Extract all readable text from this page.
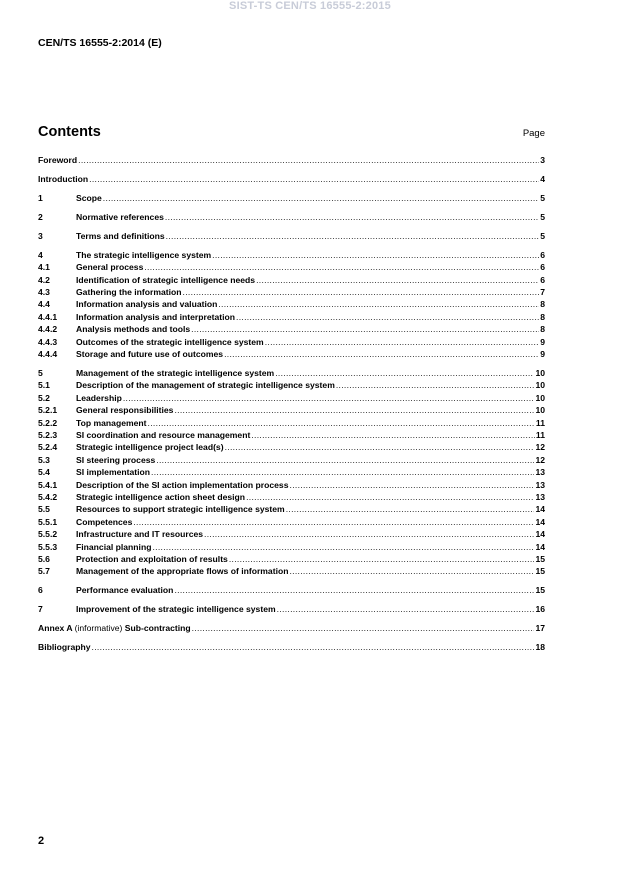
SIST-TS CEN/TS 16555-2:2015
CEN/TS 16555-2:2014 (E)
Contents	Page
Foreword .....	3
Introduction .....	4
1	Scope .....	5
2	Normative references .....	5
3	Terms and definitions .....	5
4	The strategic intelligence system .....	6
4.1	General process .....	6
4.2	Identification of strategic intelligence needs .....	6
4.3	Gathering the information .....	7
4.4	Information analysis and valuation .....	8
4.4.1	Information analysis and interpretation .....	8
4.4.2	Analysis methods and tools .....	8
4.4.3	Outcomes of the strategic intelligence system .....	9
4.4.4	Storage and future use of outcomes .....	9
5	Management of the strategic intelligence system .....	10
5.1	Description of the management of strategic intelligence system .....	10
5.2	Leadership .....	10
5.2.1	General responsibilities .....	10
5.2.2	Top management .....	11
5.2.3	SI coordination and resource management .....	11
5.2.4	Strategic intelligence project lead(s) .....	12
5.3	SI steering process .....	12
5.4	SI implementation .....	13
5.4.1	Description of the SI action implementation process .....	13
5.4.2	Strategic intelligence action sheet design .....	13
5.5	Resources to support strategic intelligence system .....	14
5.5.1	Competences .....	14
5.5.2	Infrastructure and IT resources .....	14
5.5.3	Financial planning .....	14
5.6	Protection and exploitation of results .....	15
5.7	Management of the appropriate flows of information .....	15
6	Performance evaluation .....	15
7	Improvement of the strategic intelligence system .....	16
Annex A (informative) Sub-contracting .....	17
Bibliography .....	18
2
